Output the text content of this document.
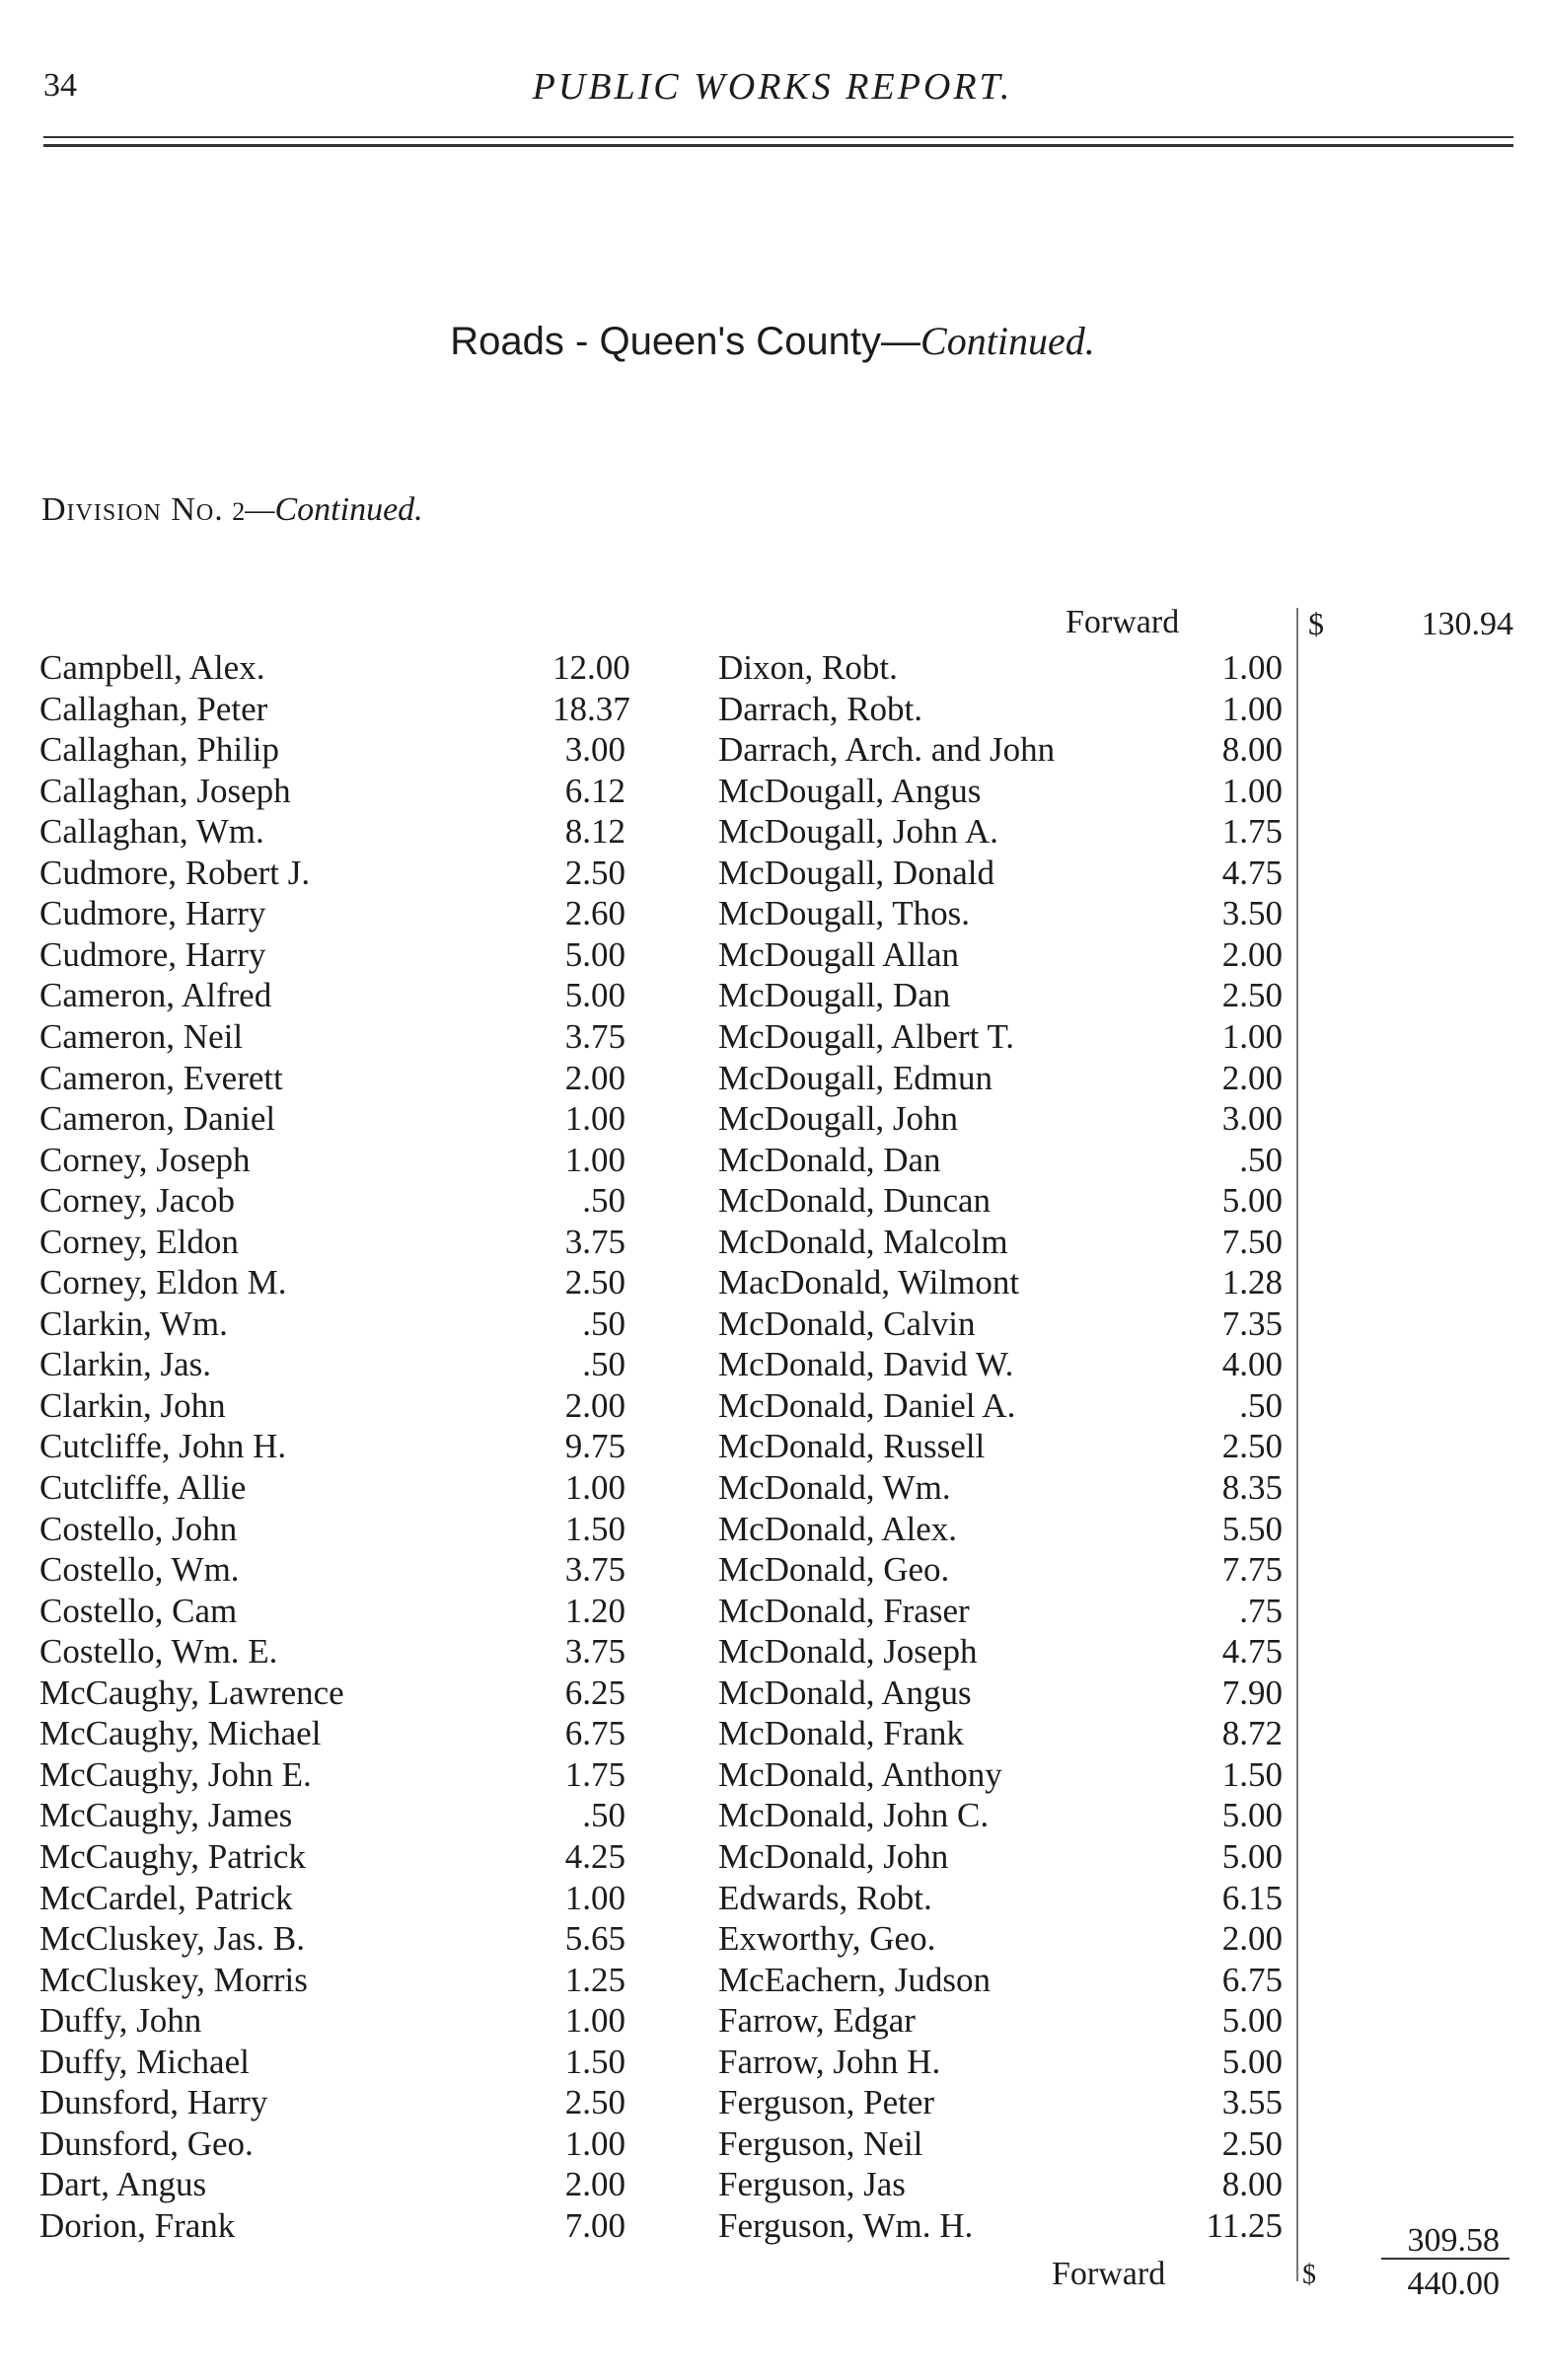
34	PUBLIC WORKS REPORT.
Roads - Queen's County—Continued.
Division No. 2—Continued.
Forward	$	130.94
Campbell, Alex.	12.00
Callaghan, Peter	18.37
Callaghan, Philip	3.00
Callaghan, Joseph	6.12
Callaghan, Wm.	8.12
Cudmore, Robert J.	2.50
Cudmore, Harry	2.60
Cudmore, Harry	5.00
Cameron, Alfred	5.00
Cameron, Neil	3.75
Cameron, Everett	2.00
Cameron, Daniel	1.00
Corney, Joseph	1.00
Corney, Jacob	.50
Corney, Eldon	3.75
Corney, Eldon M.	2.50
Clarkin, Wm.	.50
Clarkin, Jas.	.50
Clarkin, John	2.00
Cutcliffe, John H.	9.75
Cutcliffe, Allie	1.00
Costello, John	1.50
Costello, Wm.	3.75
Costello, Cam	1.20
Costello, Wm. E.	3.75
McCaughy, Lawrence	6.25
McCaughy, Michael	6.75
McCaughy, John E.	1.75
McCaughy, James	.50
McCaughy, Patrick	4.25
McCardel, Patrick	1.00
McCluskey, Jas. B.	5.65
McCluskey, Morris	1.25
Duffy, John	1.00
Duffy, Michael	1.50
Dunsford, Harry	2.50
Dunsford, Geo.	1.00
Dart, Angus	2.00
Dorion, Frank	7.00
Dixon, Robt.	1.00
Darrach, Robt.	1.00
Darrach, Arch. and John	8.00
McDougall, Angus	1.00
McDougall, John A.	1.75
McDougall, Donald	4.75
McDougall, Thos.	3.50
McDougall Allan	2.00
McDougall, Dan	2.50
McDougall, Albert T.	1.00
McDougall, Edmun	2.00
McDougall, John	3.00
McDonald, Dan	.50
McDonald, Duncan	5.00
McDonald, Malcolm	7.50
MacDonald, Wilmont	1.28
McDonald, Calvin	7.35
McDonald, David W.	4.00
McDonald, Daniel A.	.50
McDonald, Russell	2.50
McDonald, Wm.	8.35
McDonald, Alex.	5.50
McDonald, Geo.	7.75
McDonald, Fraser	.75
McDonald, Joseph	4.75
McDonald, Angus	7.90
McDonald, Frank	8.72
McDonald, Anthony	1.50
McDonald, John C.	5.00
McDonald, John	5.00
Edwards, Robt.	6.15
Exworthy, Geo.	2.00
McEachern, Judson	6.75
Farrow, Edgar	5.00
Farrow, John H.	5.00
Ferguson, Peter	3.55
Ferguson, Neil	2.50
Ferguson, Jas	8.00
Ferguson, Wm. H.	11.25	309.58
Forward	$	440.00
